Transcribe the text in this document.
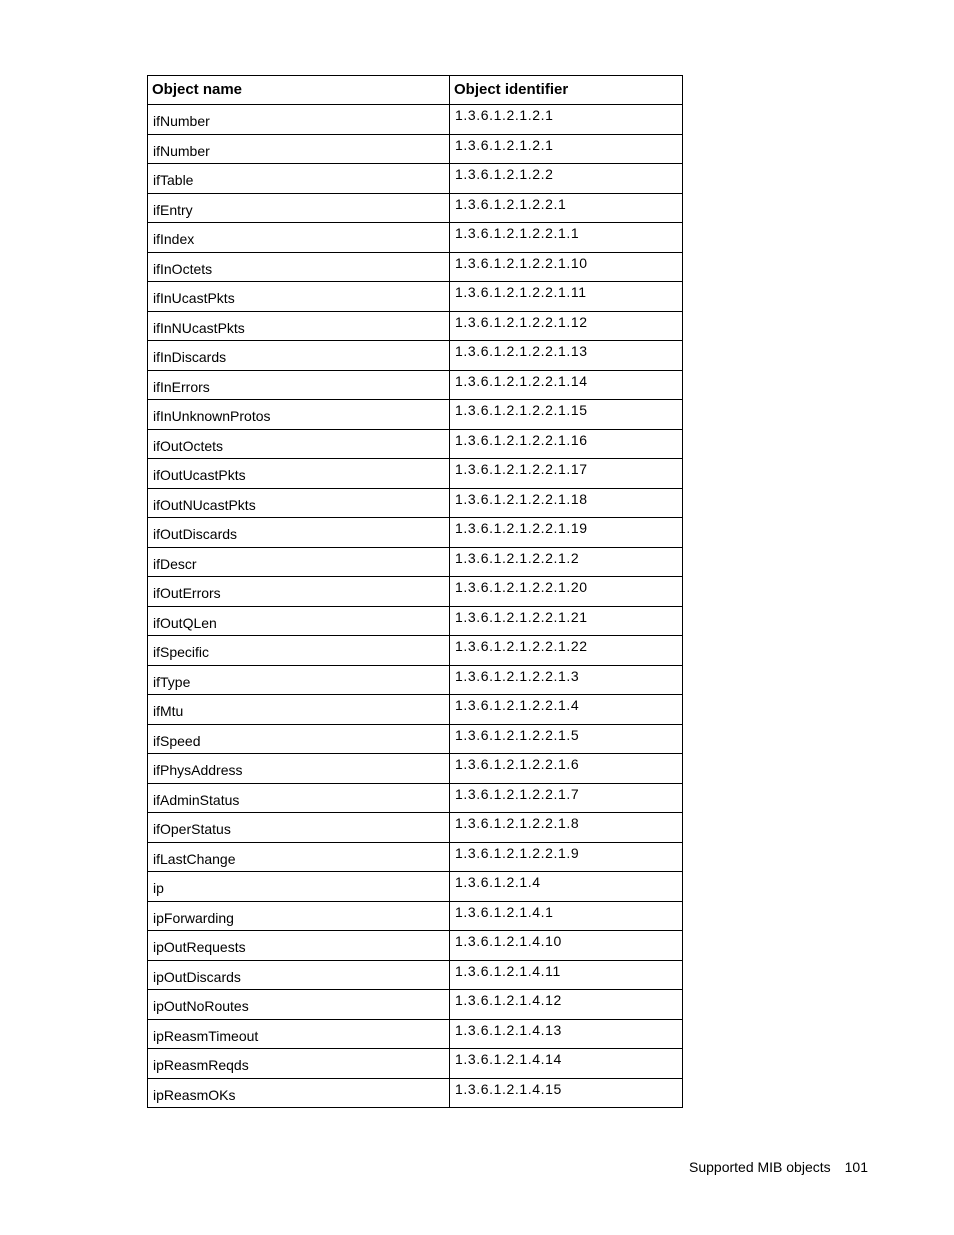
Object name	Object identifier
ifNumber	1.3.6.1.2.1.2.1
ifNumber	1.3.6.1.2.1.2.1
ifTable	1.3.6.1.2.1.2.2
ifEntry	1.3.6.1.2.1.2.2.1
ifIndex	1.3.6.1.2.1.2.2.1.1
ifInOctets	1.3.6.1.2.1.2.2.1.10
ifInUcastPkts	1.3.6.1.2.1.2.2.1.11
ifInNUcastPkts	1.3.6.1.2.1.2.2.1.12
ifInDiscards	1.3.6.1.2.1.2.2.1.13
ifInErrors	1.3.6.1.2.1.2.2.1.14
ifInUnknownProtos	1.3.6.1.2.1.2.2.1.15
ifOutOctets	1.3.6.1.2.1.2.2.1.16
ifOutUcastPkts	1.3.6.1.2.1.2.2.1.17
ifOutNUcastPkts	1.3.6.1.2.1.2.2.1.18
ifOutDiscards	1.3.6.1.2.1.2.2.1.19
ifDescr	1.3.6.1.2.1.2.2.1.2
ifOutErrors	1.3.6.1.2.1.2.2.1.20
ifOutQLen	1.3.6.1.2.1.2.2.1.21
ifSpecific	1.3.6.1.2.1.2.2.1.22
ifType	1.3.6.1.2.1.2.2.1.3
ifMtu	1.3.6.1.2.1.2.2.1.4
ifSpeed	1.3.6.1.2.1.2.2.1.5
ifPhysAddress	1.3.6.1.2.1.2.2.1.6
ifAdminStatus	1.3.6.1.2.1.2.2.1.7
ifOperStatus	1.3.6.1.2.1.2.2.1.8
ifLastChange	1.3.6.1.2.1.2.2.1.9
ip	1.3.6.1.2.1.4
ipForwarding	1.3.6.1.2.1.4.1
ipOutRequests	1.3.6.1.2.1.4.10
ipOutDiscards	1.3.6.1.2.1.4.11
ipOutNoRoutes	1.3.6.1.2.1.4.12
ipReasmTimeout	1.3.6.1.2.1.4.13
ipReasmReqds	1.3.6.1.2.1.4.14
ipReasmOKs	1.3.6.1.2.1.4.15
Supported MIB objects 101
